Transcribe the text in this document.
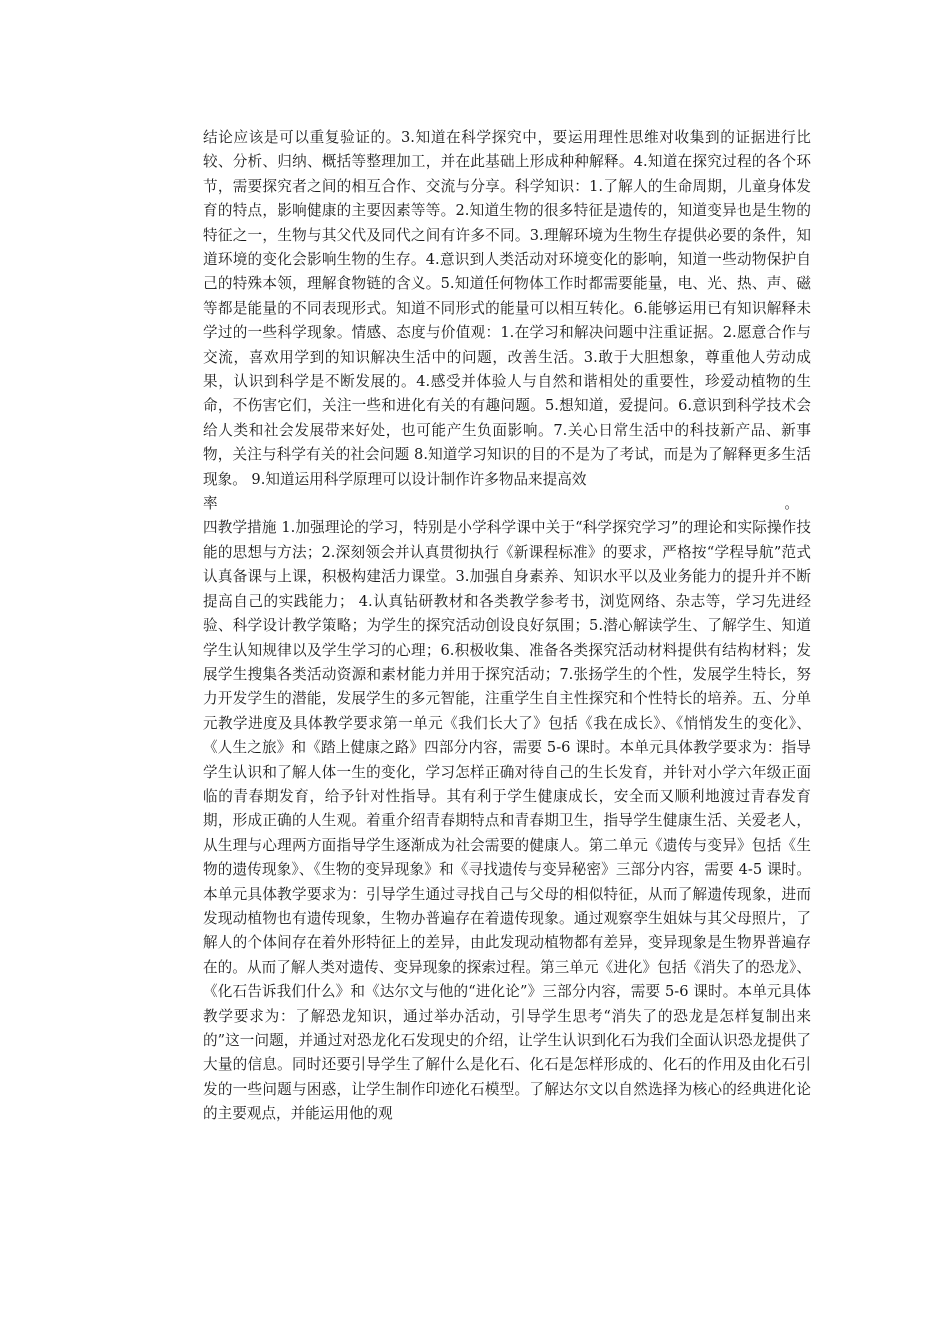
结论应该是可以重复验证的。3.知道在科学探究中，要运用理性思维对收集到的证据进行比较、分析、归纳、概括等整理加工，并在此基础上形成种种解释。4.知道在探究过程的各个环节，需要探究者之间的相互合作、交流与分享。科学知识：1.了解人的生命周期，儿童身体发育的特点，影响健康的主要因素等等。2.知道生物的很多特征是遗传的，知道变异也是生物的特征之一，生物与其父代及同代之间有许多不同。3.理解环境为生物生存提供必要的条件，知道环境的变化会影响生物的生存。4.意识到人类活动对环境变化的影响，知道一些动物保护自己的特殊本领，理解食物链的含义。5.知道任何物体工作时都需要能量，电、光、热、声、磁等都是能量的不同表现形式。知道不同形式的能量可以相互转化。6.能够运用已有知识解释未学过的一些科学现象。情感、态度与价值观：1.在学习和解决问题中注重证据。2.愿意合作与交流，喜欢用学到的知识解决生活中的问题，改善生活。3.敢于大胆想象，尊重他人劳动成果，认识到科学是不断发展的。4.感受并体验人与自然和谐相处的重要性，珍爱动植物的生命，不伤害它们，关注一些和进化有关的有趣问题。5.想知道，爱提问。6.意识到科学技术会给人类和社会发展带来好处，也可能产生负面影响。7.关心日常生活中的科技新产品、新事物，关注与科学有关的社会问题 8.知道学习知识的目的不是为了考试，而是为了解释更多生活现象。 9.知道运用科学原理可以设计制作许多物品来提高效

率	。

四教学措施 1.加强理论的学习，特别是小学科学课中关于“科学探究学习”的理论和实际操作技能的思想与方法；2.深刻领会并认真贯彻执行《新课程标准》的要求，严格按“学程导航”范式认真备课与上课，积极构建活力课堂。3.加强自身素养、知识水平以及业务能力的提升并不断提高自己的实践能力； 4.认真钻研教材和各类教学参考书，浏览网络、杂志等，学习先进经验、科学设计教学策略；为学生的探究活动创设良好氛围；5.潜心解读学生、了解学生、知道学生认知规律以及学生学习的心理；6.积极收集、准备各类探究活动材料提供有结构材料；发展学生搜集各类活动资源和素材能力并用于探究活动；7.张扬学生的个性，发展学生特长，努力开发学生的潜能，发展学生的多元智能，注重学生自主性探究和个性特长的培养。五、分单元教学进度及具体教学要求第一单元《我们长大了》包括《我在成长》、《悄悄发生的变化》、《人生之旅》和《踏上健康之路》四部分内容，需要 5-6 课时。本单元具体教学要求为：指导学生认识和了解人体一生的变化，学习怎样正确对待自己的生长发育，并针对小学六年级正面临的青春期发育，给予针对性指导。其有利于学生健康成长，安全而又顺利地渡过青春发育期，形成正确的人生观。着重介绍青春期特点和青春期卫生，指导学生健康生活、关爱老人，从生理与心理两方面指导学生逐渐成为社会需要的健康人。第二单元《遗传与变异》包括《生物的遗传现象》、《生物的变异现象》和《寻找遗传与变异秘密》三部分内容，需要 4-5 课时。本单元具体教学要求为：引导学生通过寻找自己与父母的相似特征，从而了解遗传现象，进而发现动植物也有遗传现象，生物办普遍存在着遗传现象。通过观察孪生姐妹与其父母照片，了解人的个体间存在着外形特征上的差异，由此发现动植物都有差异，变异现象是生物界普遍存在的。从而了解人类对遗传、变异现象的探索过程。第三单元《进化》包括《消失了的恐龙》、《化石告诉我们什么》和《达尔文与他的“进化论”》三部分内容，需要 5-6 课时。本单元具体教学要求为：了解恐龙知识，通过举办活动，引导学生思考“消失了的恐龙是怎样复制出来的”这一问题，并通过对恐龙化石发现史的介绍，让学生认识到化石为我们全面认识恐龙提供了大量的信息。同时还要引导学生了解什么是化石、化石是怎样形成的、化石的作用及由化石引发的一些问题与困惑，让学生制作印迹化石模型。了解达尔文以自然选择为核心的经典进化论的主要观点，并能运用他的观
